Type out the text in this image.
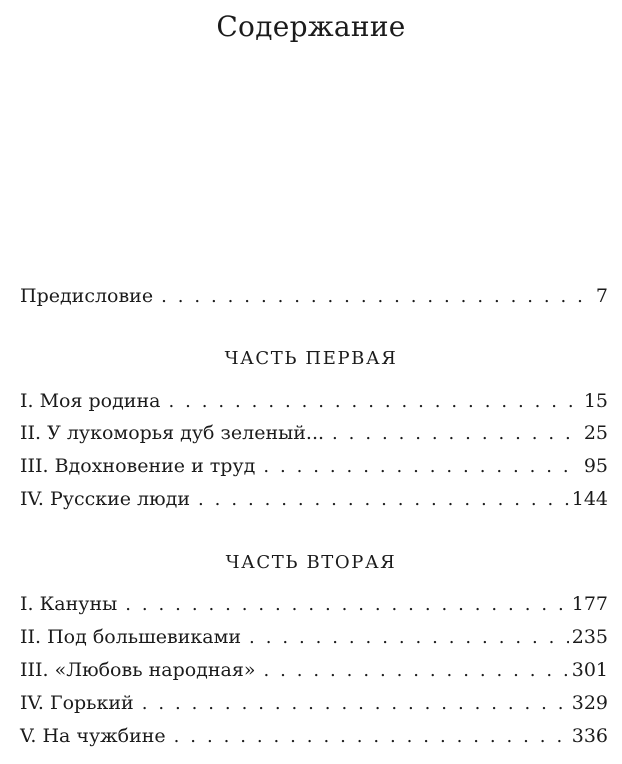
Содержание
Предисловие . . .	7
ЧАСТЬ ПЕРВАЯ
I. Моя родина . . .	15
II. У лукоморья дуб зеленый... . . .	25
III. Вдохновение и труд . . .	95
IV. Русские люди . . .	144
ЧАСТЬ ВТОРАЯ
I. Кануны . . .	177
II. Под большевиками . . .	235
III. «Любовь народная» . . .	301
IV. Горький . . .	329
V. На чужбине . . .	336
